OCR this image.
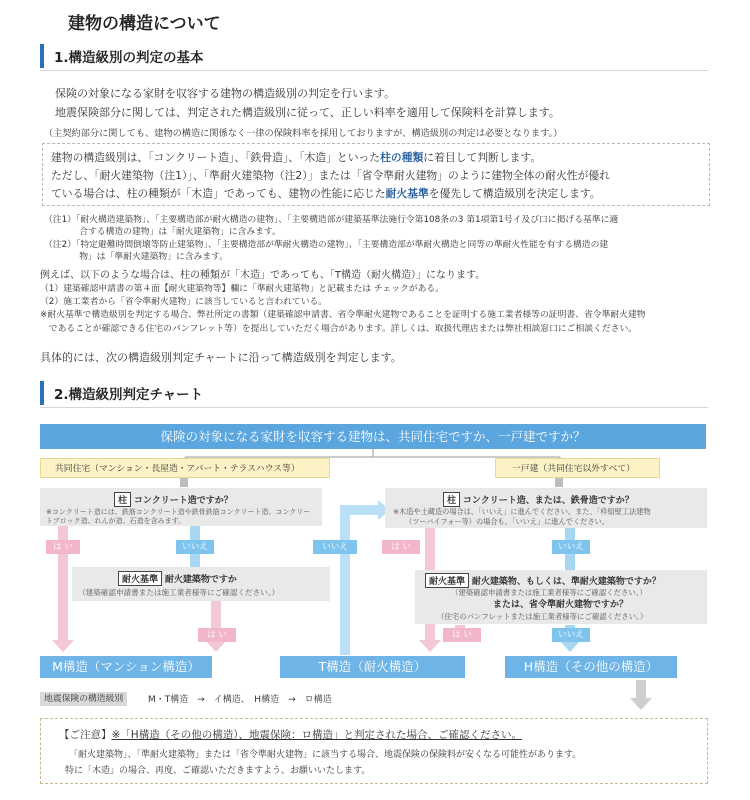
建物の構造について
1.構造級別の判定の基本
保険の対象になる家財を収容する建物の構造級別の判定を行います。
地震保険部分に関しては、判定された構造級別に従って、正しい料率を適用して保険料を計算します。
（主契約部分に関しても、建物の構造に関係なく一律の保険料率を採用しておりますが、構造級別の判定は必要となります。）
建物の構造級別は、「コンクリート造」、「鉄骨造」、「木造」といった柱の種類に着目して判断します。
ただし、「耐火建築物（注1）」、「準耐火建築物（注2）」または「省令準耐火建物」のように建物全体の耐火性が優れ
ている場合は、柱の種類が「木造」であっても、建物の性能に応じた耐火基準を優先して構造級別を決定します。
（注1）「耐火構造建築物」、「主要構造部が耐火構造の建物」、「主要構造部が建築基準法施行令第108条の3 第1項第1号イ及び口に掲げる基準に適
　　　　合する構造の建物」は「耐火建築物」に含みます。
（注2）「特定避難時間倒壊等防止建築物」、「主要構造部が準耐火構造の建物」、「主要構造部が準耐火構造と同等の準耐火性能を有する構造の建
　　　　物」は「準耐火建築物」に含みます。
例えば、以下のような場合は、柱の種類が「木造」であっても、「T構造（耐火構造）」になります。
（1）建築確認申請書の第４面【耐火建築物等】欄に「準耐火建築物」と記載または チェックがある。
（2）施工業者から「省令準耐火建物」に該当していると言われている。
※耐火基準で構造級別を判定する場合、弊社所定の書類（建築確認申請書、省令準耐火建物であることを証明する施工業者様等の証明書、省令準耐火建物
　であることが確認できる住宅のパンフレット等）を提出していただく場合があります。詳しくは、取扱代理店または弊社相談窓口にご相談ください。
具体的には、次の構造級別判定チャートに沿って構造級別を判定します。
2.構造級別判定チャート
保険の対象になる家財を収容する建物は、共同住宅ですか、一戸建ですか？
共同住宅（マンション・長屋造・アパート・テラスハウス等）	一戸建（共同住宅以外すべて）
柱 コンクリート造ですか？
※コンクリート造には、鉄筋コンクリート造や鉄骨鉄筋コンクリート造、コンクリートブロック造、れんが造、石造を含みます。
柱 コンクリート造、または、鉄骨造ですか？
※木造や土蔵造の場合は、「いいえ」に進んでください。また、「枠組壁工法建物
（ツーバイフォー等）の場合も、「いいえ」に進んでください。
は い	いいえ	いいえ	は い	いいえ
耐火基準 耐火建築物ですか
（建築確認申請書または施工業者様等にご確認ください。）
耐火基準 耐火建築物、もしくは、準耐火建築物ですか？
（建築確認申請書または施工業者様等にご確認ください。）
または、省令準耐火建物ですか？
（住宅のパンフレットまたは施工業者様等にご確認ください。）
は い	は い	いいえ
M構造（マンション構造）	T構造（耐火構造）	H構造（その他の構造）
地震保険の構造級別	M・T構造　→　イ構造、　H構造　→　ロ構造
【ご注意】※「H構造（その他の構造）、地震保険：ロ構造」と判定された場合、ご確認ください。
「耐火建築物」、「準耐火建築物」または「省令準耐火建物」に該当する場合、地震保険の保険料が安くなる可能性があります。
特に「木造」の場合、再度、ご確認いただきますよう、お願いいたします。
